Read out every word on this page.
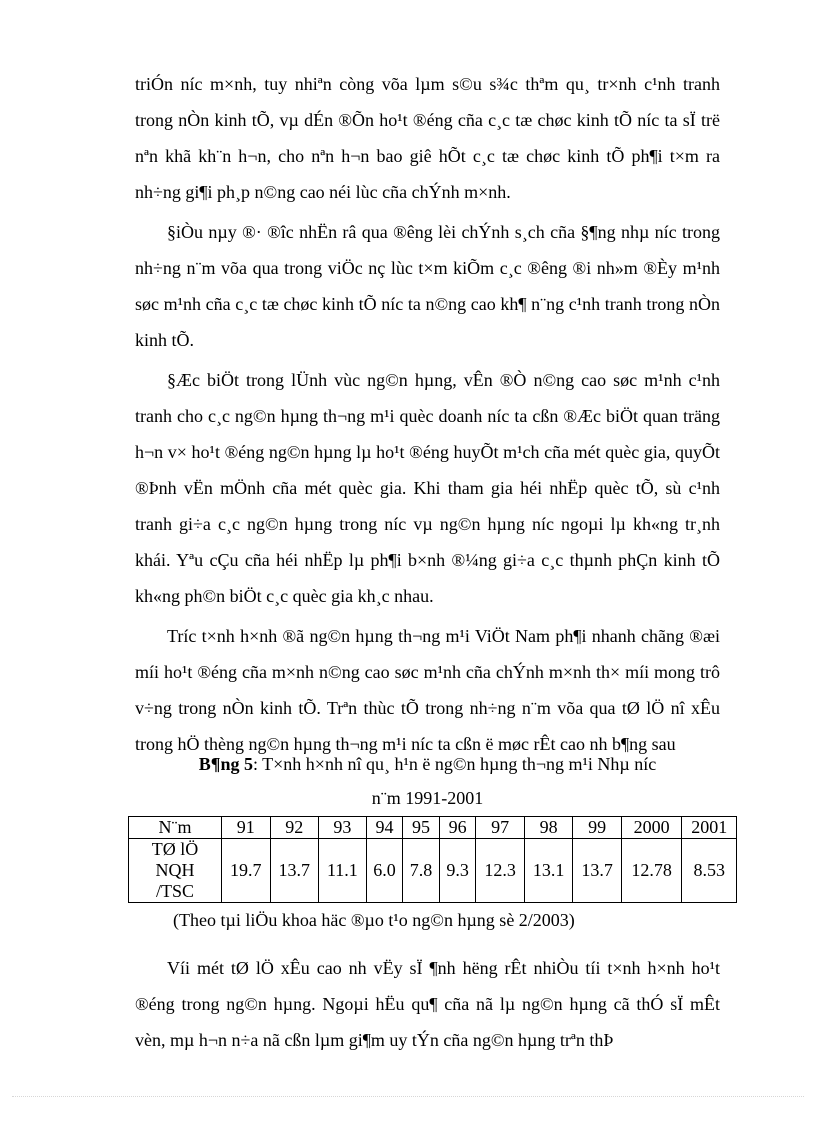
triÓn níc m×nh, tuy nhiªn còng võa lµm s©u s¾c thªm qu¸ tr×nh c¹nh tranh trong nÒn kinh tÕ, vµ dÉn ®Õn ho¹t ®éng cña c¸c tæ chøc kinh tÕ níc ta sÏ trë nªn khã kh¨n h¬n, cho nªn h¬n bao giê hÕt c¸c tæ chøc kinh tÕ ph¶i t×m ra nh÷ng gi¶i ph¸p n©ng cao néi lùc cña chÝnh m×nh.

§iÒu nµy ®· ®îc nhËn râ qua ®êng lèi chÝnh s¸ch cña §¶ng nhµ níc trong nh÷ng n¨m võa qua trong viÖc nç lùc t×m kiÕm c¸c ®êng ®i nh»m ®Èy m¹nh søc m¹nh cña c¸c tæ chøc kinh tÕ níc ta n©ng cao kh¶ n¨ng c¹nh tranh trong nÒn kinh tÕ.

§Æc biÖt trong lÜnh vùc ng©n hµng, vÊn ®Ò n©ng cao søc m¹nh c¹nh tranh cho c¸c ng©n hµng th¬ng m¹i quèc doanh níc ta cßn ®Æc biÖt quan träng h¬n v× ho¹t ®éng ng©n hµng lµ ho¹t ®éng huyÕt m¹ch cña mét quèc gia, quyÕt ®Þnh vËn mÖnh cña mét quèc gia. Khi tham gia héi nhËp quèc tÕ, sù c¹nh tranh gi÷a c¸c ng©n hµng trong níc vµ ng©n hµng níc ngoµi lµ kh«ng tr¸nh khái. Yªu cÇu cña héi nhËp lµ ph¶i b×nh ®¼ng gi÷a c¸c thµnh phÇn kinh tÕ kh«ng ph©n biÖt c¸c quèc gia kh¸c nhau.

Tríc t×nh h×nh ®ã ng©n hµng th¬ng m¹i ViÖt Nam ph¶i nhanh chãng ®æi míi ho¹t ®éng cña m×nh n©ng cao søc m¹nh cña chÝnh m×nh th× míi mong trô v÷ng trong nÒn kinh tÕ. Trªn thùc tÕ trong nh÷ng n¨m võa qua tØ lÖ nî xÊu trong hÖ thèng ng©n hµng th¬ng m¹i níc ta cßn ë møc rÊt cao nh b¶ng sau

B¶ng 5: T×nh h×nh nî qu¸ h¹n ë ng©n hµng th¬ng m¹i Nhµ níc
n¨m 1991-2001
N¨m	91	92	93	94	95	96	97	98	99	2000	2001
TØ lÖ
NQH
/TSC	19.7	13.7	11.1	6.0	7.8	9.3	12.3	13.1	13.7	12.78	8.53
(Theo tµi liÖu khoa häc ®µo t¹o ng©n hµng sè 2/2003)

Víi mét tØ lÖ xÊu cao nh vËy sÏ ¶nh hëng rÊt nhiÒu tíi t×nh h×nh ho¹t ®éng trong ng©n hµng. Ngoµi hËu qu¶ cña nã lµ ng©n hµng cã thÓ sÏ mÊt vèn, mµ h¬n n÷a nã cßn lµm gi¶m uy tÝn cña ng©n hµng trªn thÞ
